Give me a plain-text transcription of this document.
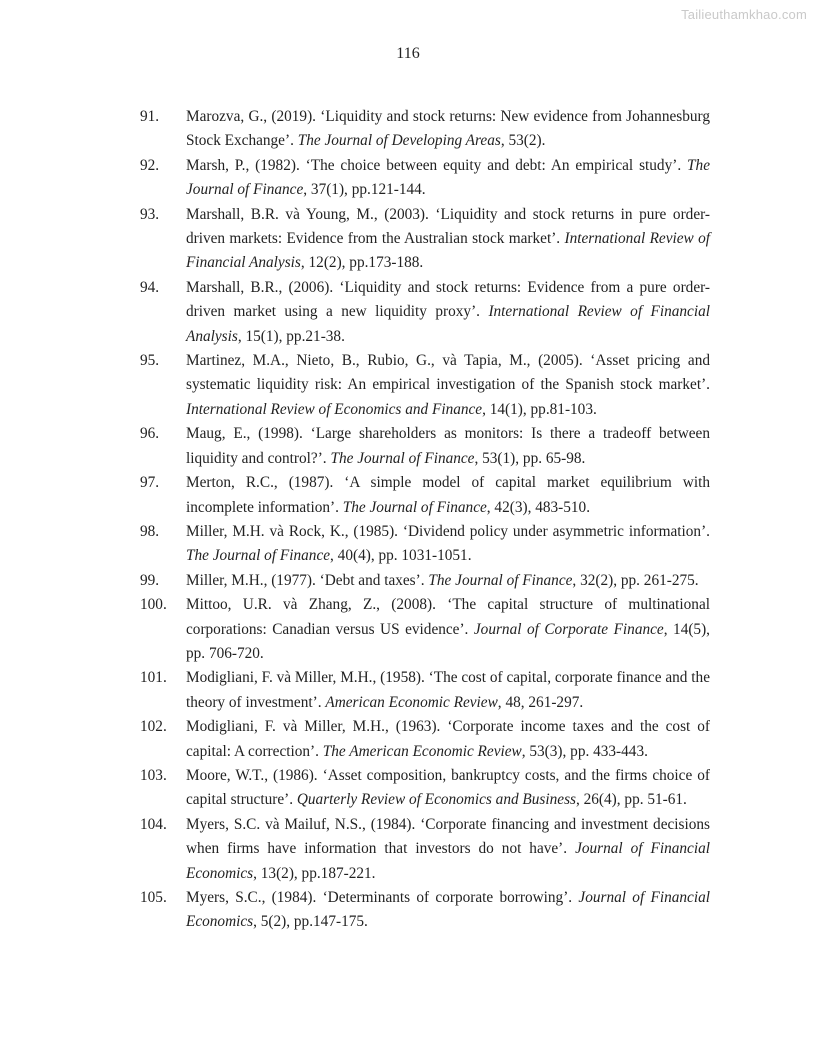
Tailieuthamkhao.com
116
91. Marozva, G., (2019). ‘Liquidity and stock returns: New evidence from Johannesburg Stock Exchange’. The Journal of Developing Areas, 53(2).
92. Marsh, P., (1982). ‘The choice between equity and debt: An empirical study’. The Journal of Finance, 37(1), pp.121-144.
93. Marshall, B.R. và Young, M., (2003). ‘Liquidity and stock returns in pure order-driven markets: Evidence from the Australian stock market’. International Review of Financial Analysis, 12(2), pp.173-188.
94. Marshall, B.R., (2006). ‘Liquidity and stock returns: Evidence from a pure order-driven market using a new liquidity proxy’. International Review of Financial Analysis, 15(1), pp.21-38.
95. Martinez, M.A., Nieto, B., Rubio, G., và Tapia, M., (2005). ‘Asset pricing and systematic liquidity risk: An empirical investigation of the Spanish stock market’. International Review of Economics and Finance, 14(1), pp.81-103.
96. Maug, E., (1998). ‘Large shareholders as monitors: Is there a tradeoff between liquidity and control?’. The Journal of Finance, 53(1), pp. 65-98.
97. Merton, R.C., (1987). ‘A simple model of capital market equilibrium with incomplete information’. The Journal of Finance, 42(3), 483-510.
98. Miller, M.H. và Rock, K., (1985). ‘Dividend policy under asymmetric information’. The Journal of Finance, 40(4), pp. 1031-1051.
99. Miller, M.H., (1977). ‘Debt and taxes’. The Journal of Finance, 32(2), pp. 261-275.
100. Mittoo, U.R. và Zhang, Z., (2008). ‘The capital structure of multinational corporations: Canadian versus US evidence’. Journal of Corporate Finance, 14(5), pp. 706-720.
101. Modigliani, F. và Miller, M.H., (1958). ‘The cost of capital, corporate finance and the theory of investment’. American Economic Review, 48, 261-297.
102. Modigliani, F. và Miller, M.H., (1963). ‘Corporate income taxes and the cost of capital: A correction’. The American Economic Review, 53(3), pp. 433-443.
103. Moore, W.T., (1986). ‘Asset composition, bankruptcy costs, and the firms choice of capital structure’. Quarterly Review of Economics and Business, 26(4), pp. 51-61.
104. Myers, S.C. và Mailuf, N.S., (1984). ‘Corporate financing and investment decisions when firms have information that investors do not have’. Journal of Financial Economics, 13(2), pp.187-221.
105. Myers, S.C., (1984). ‘Determinants of corporate borrowing’. Journal of Financial Economics, 5(2), pp.147-175.
